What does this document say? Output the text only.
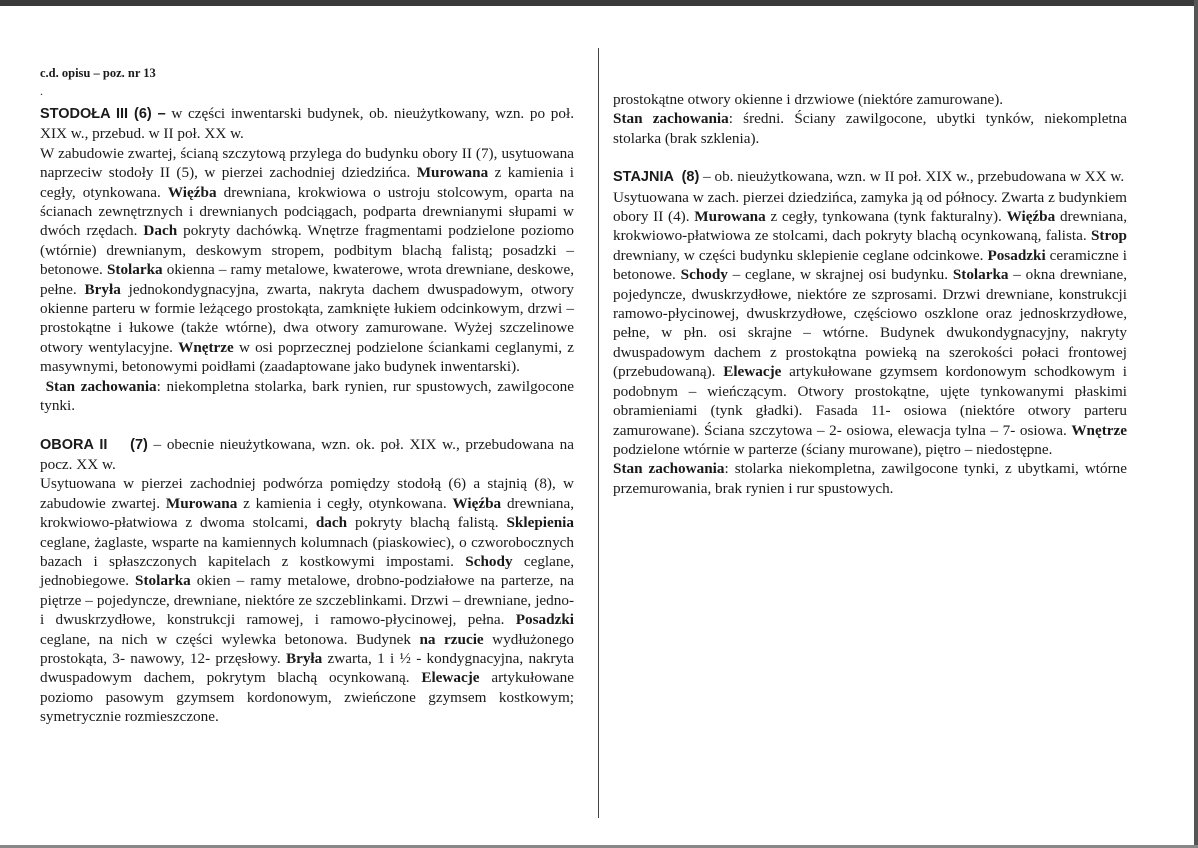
c.d. opisu – poz. nr 13
.

STODOŁA III (6) – w części inwentarski budynek, ob. nieużytkowany, wzn. po poł. XIX w., przebud. w II poł. XX w.

W zabudowie zwartej, ścianą szczytową przylega do budynku obory II (7), usytuowana naprzeciw stodoły II (5), w pierzei zachodniej dziedzińca. Murowana z kamienia i cegły, otynkowana. Więźba drewniana, krokwiowa o ustroju stolcowym, oparta na ścianach zewnętrznych i drewnianych podciągach, podparta drewnianymi słupami w dwóch rzędach. Dach pokryty dachówką. Wnętrze fragmentami podzielone poziomo (wtórnie) drewnianym, deskowym stropem, podbitym blachą falistą; posadzki – betonowe. Stolarka okienna – ramy metalowe, kwaterowe, wrota drewniane, deskowe, pełne. Bryła jednokondygnacyjna, zwarta, nakryta dachem dwuspadowym, otwory okienne parteru w formie leżącego prostokąta, zamknięte łukiem odcinkowym, drzwi – prostokątne i łukowe (także wtórne), dwa otwory zamurowane. Wyżej szczelinowe otwory wentylacyjne. Wnętrze w osi poprzecznej podzielone ściankami ceglanymi, z masywnymi, betonowymi poidłami (zaadaptowane jako budynek inwentarski).

Stan zachowania: niekompletna stolarka, bark rynien, rur spustowych, zawilgocone tynki.

OBORA II (7) – obecnie nieużytkowana, wzn. ok. poł. XIX w., przebudowana na pocz. XX w.

Usytuowana w pierzei zachodniej podwórza pomiędzy stodołą (6) a stajnią (8), w zabudowie zwartej. Murowana z kamienia i cegły, otynkowana. Więźba drewniana, krokwiowo-płatwiowa z dwoma stolcami, dach pokryty blachą falistą. Sklepienia ceglane, żaglaste, wsparte na kamiennych kolumnach (piaskowiec), o czworobocznych bazach i spłaszczonych kapitelach z kostkowymi impostami. Schody ceglane, jednobiegowe. Stolarka okien – ramy metalowe, drobno-podziałowe na parterze, na piętrze – pojedyncze, drewniane, niektóre ze szczeblinkami. Drzwi – drewniane, jedno- i dwuskrzydłowe, konstrukcji ramowej, i ramowo-płycinowej, pełna. Posadzki ceglane, na nich w części wylewka betonowa. Budynek na rzucie wydłużonego prostokąta, 3- nawowy, 12- przęsłowy. Bryła zwarta, 1 i ½ - kondygnacyjna, nakryta dwuspadowym dachem, pokrytym blachą ocynkowaną. Elewacje artykułowane poziomo pasowym gzymsem kordonowym, zwieńczone gzymsem kostkowym; symetrycznie rozmieszczone.

prostokątne otwory okienne i drzwiowe (niektóre zamurowane).

Stan zachowania: średni. Ściany zawilgocone, ubytki tynków, niekompletna stolarka (brak szklenia).

STAJNIA (8) – ob. nieużytkowana, wzn. w II poł. XIX w., przebudowana w XX w.

Usytuowana w zach. pierzei dziedzińca, zamyka ją od północy. Zwarta z budynkiem obory II (4). Murowana z cegły, tynkowana (tynk fakturalny). Więźba drewniana, krokwiowo-płatwiowa ze stolcami, dach pokryty blachą ocynkowaną, falista. Strop drewniany, w części budynku sklepienie ceglane odcinkowe. Posadzki ceramiczne i betonowe. Schody – ceglane, w skrajnej osi budynku. Stolarka – okna drewniane, pojedyncze, dwuskrzydłowe, niektóre ze szprosami. Drzwi drewniane, konstrukcji ramowo-płycinowej, dwuskrzydłowe, częściowo oszklone oraz jednoskrzydłowe, pełne, w płn. osi skrajne – wtórne. Budynek dwukondygnacyjny, nakryty dwuspadowym dachem z prostokątna powieką na szerokości połaci frontowej (przebudowaną). Elewacje artykułowane gzymsem kordonowym schodkowym i podobnym – wieńczącym. Otwory prostokątne, ujęte tynkowanymi płaskimi obramieniami (tynk gładki). Fasada 11- osiowa (niektóre otwory parteru zamurowane). Ściana szczytowa – 2- osiowa, elewacja tylna – 7- osiowa. Wnętrze podzielone wtórnie w parterze (ściany murowane), piętro – niedostępne.

Stan zachowania: stolarka niekompletna, zawilgocone tynki, z ubytkami, wtórne przemurowania, brak rynien i rur spustowych.
